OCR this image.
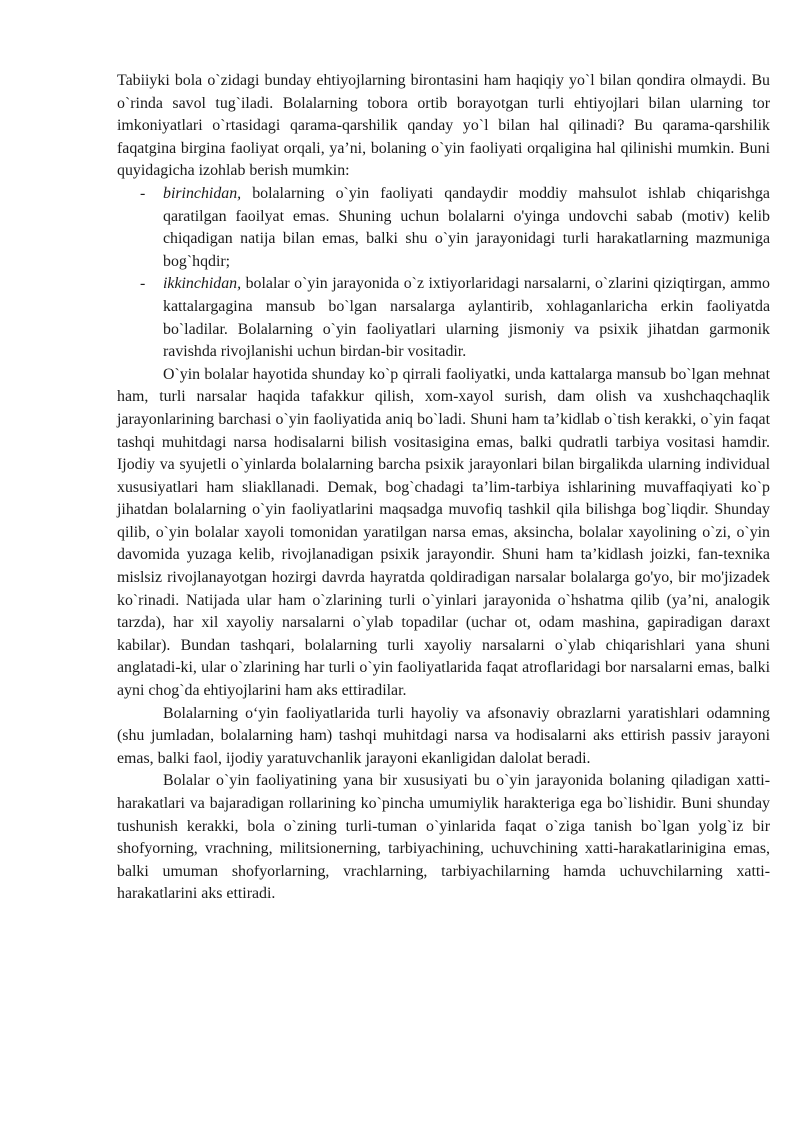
Tabiiyki bola o`zidagi bunday ehtiyojlarning birontasini ham haqiqiy yo`l bilan qondira olmaydi. Bu o`rinda savol tug`iladi. Bolalarning tobora ortib borayotgan turli ehtiyojlari bilan ularning tor imkoniyatlari o`rtasidagi qarama-qarshilik qanday yo`l bilan hal qilinadi? Bu qarama-qarshilik faqatgina birgina faoliyat orqali, ya’ni, bolaning o`yin faoliyati orqaligina hal qilinishi mumkin. Buni quyidagicha izohlab berish mumkin:

- birinchidan, bolalarning o`yin faoliyati qandaydir moddiy mahsulot ishlab chiqarishga qaratilgan faoilyat emas. Shuning uchun bolalarni o'yinga undovchi sabab (motiv) kelib chiqadigan natija bilan emas, balki shu o`yin jarayonidagi turli harakatlarning mazmuniga bog`hqdir;
- ikkinchidan, bolalar o`yin jarayonida o`z ixtiyorlaridagi narsalarni, o`zlarini qiziqtirgan, ammo kattalargagina mansub bo`lgan narsalarga aylantirib, xohlaganlaricha erkin faoliyatda bo`ladilar. Bolalarning o`yin faoliyatlari ularning jismoniy va psixik jihatdan garmonik ravishda rivojlanishi uchun birdan-bir vositadir.

O`yin bolalar hayotida shunday ko`p qirrali faoliyatki, unda kattalarga mansub bo`lgan mehnat ham, turli narsalar haqida tafakkur qilish, xom-xayol surish, dam olish va xushchaqchaqlik jarayonlarining barchasi o`yin faoliyatida aniq bo`ladi. Shuni ham ta’kidlab o`tish kerakki, o`yin faqat tashqi muhitdagi narsa hodisalarni bilish vositasigina emas, balki qudratli tarbiya vositasi hamdir. Ijodiy va syujetli o`yinlarda bolalarning barcha psixik jarayonlari bilan birgalikda ularning individual xususiyatlari ham sliakllanadi. Demak, bog`chadagi ta’lim-tarbiya ishlarining muvaffaqiyati ko`p jihatdan bolalarning o`yin faoliyatlarini maqsadga muvofiq tashkil qila bilishga bog`liqdir. Shunday qilib, o`yin bolalar xayoli tomonidan yaratilgan narsa emas, aksincha, bolalar xayolining o`zi, o`yin davomida yuzaga kelib, rivojlanadigan psixik jarayondir. Shuni ham ta’kidlash joizki, fan-texnika mislsiz rivojlanayotgan hozirgi davrda hayratda qoldiradigan narsalar bolalarga go'yo, bir mo'jizadek ko`rinadi. Natijada ular ham o`zlarining turli o`yinlari jarayonida o`hshatma qilib (ya’ni, analogik tarzda), har xil xayoliy narsalarni o`ylab topadilar (uchar ot, odam mashina, gapiradigan daraxt kabilar). Bundan tashqari, bolalarning turli xayoliy narsalarni o`ylab chiqarishlari yana shuni anglatadi-ki, ular o`zlarining har turli o`yin faoliyatlarida faqat atroflaridagi bor narsalarni emas, balki ayni chog`da ehtiyojlarini ham aks ettiradilar.

Bolalarning o‘yin faoliyatlarida turli hayoliy va afsonaviy obrazlarni yaratishlari odamning (shu jumladan, bolalarning ham) tashqi muhitdagi narsa va hodisalarni aks ettirish passiv jarayoni emas, balki faol, ijodiy yaratuvchanlik jarayoni ekanligidan dalolat beradi.

Bolalar o`yin faoliyatining yana bir xususiyati bu o`yin jarayonida bolaning qiladigan xatti-harakatlari va bajaradigan rollarining ko`pincha umumiylik harakteriga ega bo`lishidir. Buni shunday tushunish kerakki, bola o`zining turli-tuman o`yinlarida faqat o`ziga tanish bo`lgan yolg`iz bir shofyorning, vrachning, militsionerning, tarbiyachining, uchuvchining xatti-harakatlarinigina emas, balki umuman shofyorlarning, vrachlarning, tarbiyachilarning hamda uchuvchilarning xatti-harakatlarini aks ettiradi.
